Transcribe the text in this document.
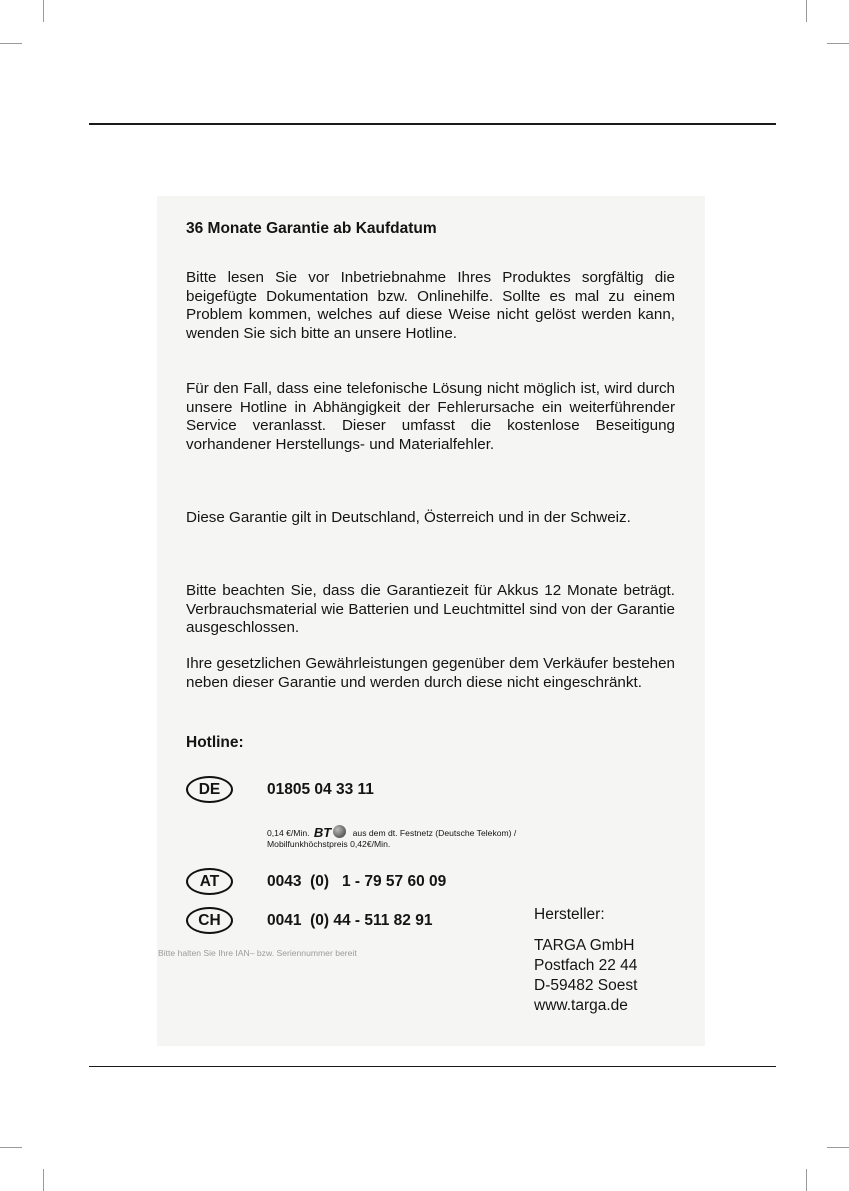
36 Monate Garantie ab Kaufdatum

Bitte lesen Sie vor Inbetriebnahme Ihres Produktes sorgfältig die beigefügte Dokumentation bzw. Onlinehilfe. Sollte es mal zu einem Problem kommen, welches auf diese Weise nicht gelöst werden kann, wenden Sie sich bitte an unsere Hotline.

Für den Fall, dass eine telefonische Lösung nicht möglich ist, wird durch unsere Hotline in Abhängigkeit der Fehlerursache ein weiterführender Service veranlasst. Dieser umfasst die kostenlose Beseitigung vorhandener Herstellungs- und Materialfehler.

Diese Garantie gilt in Deutschland, Österreich und in der Schweiz.

Bitte beachten Sie, dass die Garantiezeit für Akkus 12 Monate beträgt. Verbrauchsmaterial wie Batterien und Leuchtmittel sind von der Garantie ausgeschlossen.

Ihre gesetzlichen Gewährleistungen gegenüber dem Verkäufer bestehen neben dieser Garantie und werden durch diese nicht eingeschränkt.

Hotline:
DE	01805 04 33 11
0,14 €/Min. BT aus dem dt. Festnetz (Deutsche Telekom) /
Mobilfunkhöchstpreis 0,42€/Min.
AT	0043  (0)   1 - 79 57 60 09
CH	0041  (0) 44 - 511 82 91
Bitte halten Sie Ihre IAN– bzw. Seriennummer bereit
Hersteller:
TARGA GmbH
Postfach 22 44
D-59482 Soest
www.targa.de
